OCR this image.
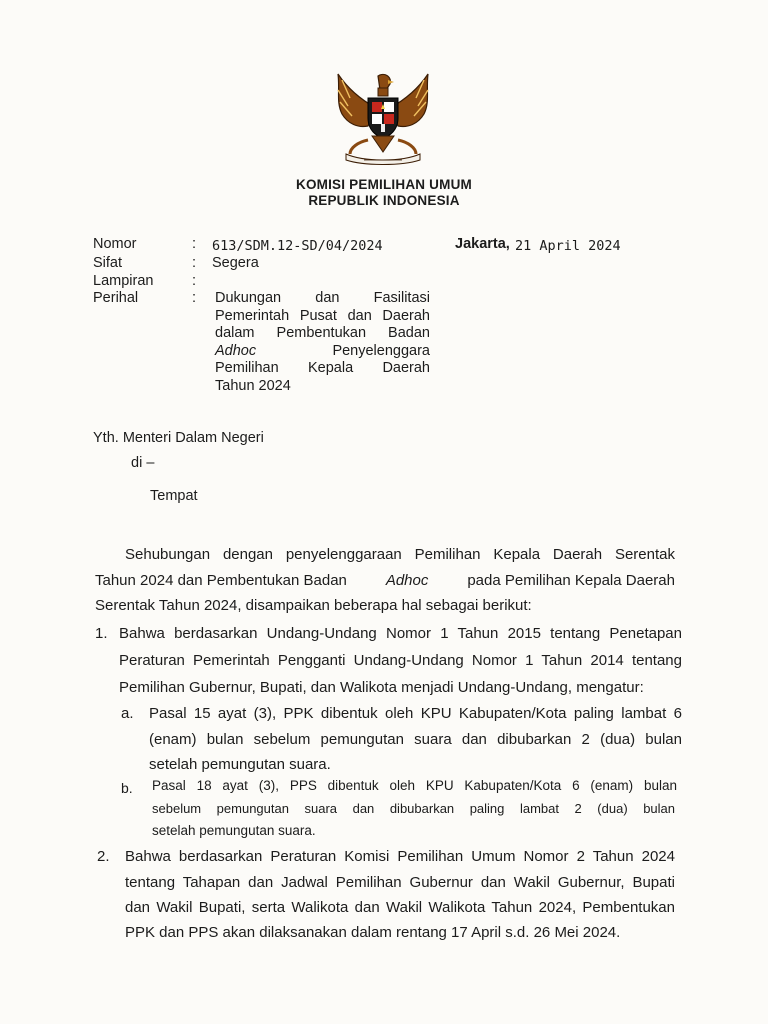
KOMISI PEMILIHAN UMUM
REPUBLIK INDONESIA
Nomor	: 613/SDM.12-SD/04/2024	Jakarta, 21 April 2024
Sifat	: Segera
Lampiran	:
Perihal	: Dukungan dan Fasilitasi
Pemerintah Pusat dan Daerah
dalam Pembentukan Badan
Adhoc	Penyelenggara
Pemilihan Kepala Daerah
Tahun 2024
Yth. Menteri Dalam Negeri
di –
Tempat
Sehubungan dengan penyelenggaraan Pemilihan Kepala Daerah Serentak
Tahun 2024 dan Pembentukan Badan	Adhoc	pada Pemilihan Kepala Daerah
Serentak Tahun 2024, disampaikan beberapa hal sebagai berikut:
1. Bahwa berdasarkan Undang-Undang Nomor 1 Tahun 2015 tentang Penetapan
Peraturan Pemerintah Pengganti Undang-Undang Nomor 1 Tahun 2014 tentang
Pemilihan Gubernur, Bupati, dan Walikota menjadi Undang-Undang, mengatur:
a. Pasal 15 ayat (3), PPK dibentuk oleh KPU Kabupaten/Kota paling lambat 6
(enam) bulan sebelum pemungutan suara dan dibubarkan 2 (dua) bulan
setelah pemungutan suara.
b. Pasal 18 ayat (3), PPS dibentuk oleh KPU Kabupaten/Kota 6 (enam) bulan
sebelum pemungutan suara dan dibubarkan paling lambat 2 (dua) bulan
setelah pemungutan suara.
2. Bahwa berdasarkan Peraturan Komisi Pemilihan Umum Nomor 2 Tahun 2024
tentang Tahapan dan Jadwal Pemilihan Gubernur dan Wakil Gubernur, Bupati
dan Wakil Bupati, serta Walikota dan Wakil Walikota Tahun 2024, Pembentukan
PPK dan PPS akan dilaksanakan dalam rentang 17 April s.d. 26 Mei 2024.
